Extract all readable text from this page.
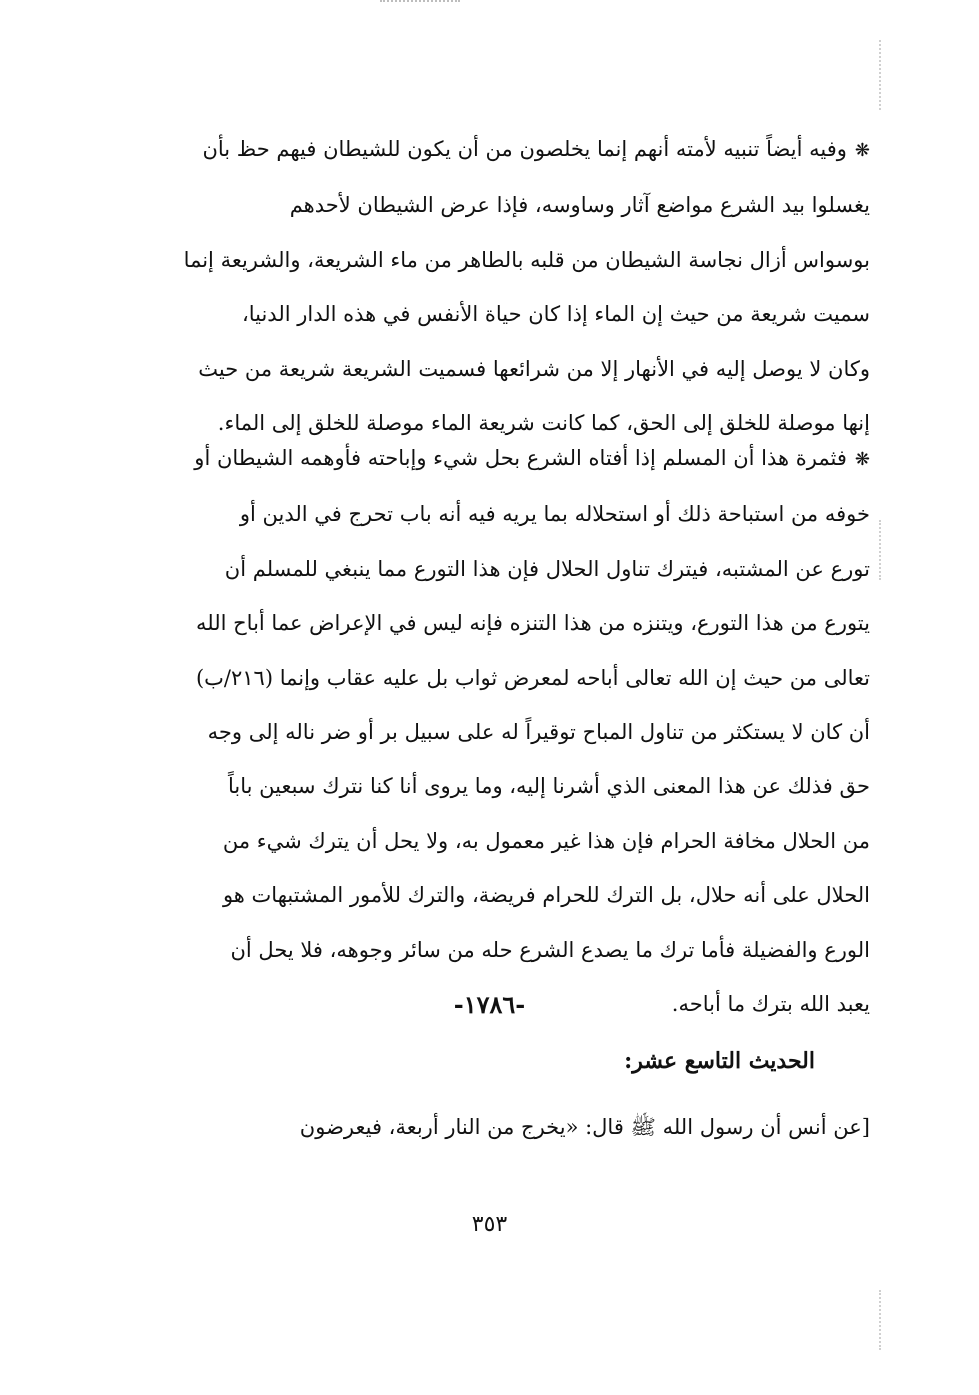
❋وفيه أيضاً تنبيه لأمته أنهم إنما يخلصون من أن يكون للشيطان فيهم حظ بأن
يغسلوا بيد الشرع مواضع آثار وساوسه، فإذا عرض الشيطان لأحدهم
بوسواس أزال نجاسة الشيطان من قلبه بالطاهر من ماء الشريعة، والشريعة إنما
سميت شريعة من حيث إن الماء إذا كان حياة الأنفس في هذه الدار الدنيا،
وكان لا يوصل إليه في الأنهار إلا من شرائعها فسميت الشريعة شريعة من حيث
إنها موصلة للخلق إلى الحق، كما كانت شريعة الماء موصلة للخلق إلى الماء.
❋فثمرة هذا أن المسلم إذا أفتاه الشرع بحل شيء وإباحته فأوهمه الشيطان أو
خوفه من استباحة ذلك أو استحلاله بما يريه فيه أنه باب تحرج في الدين أو
تورع عن المشتبه، فيترك تناول الحلال فإن هذا التورع مما ينبغي للمسلم أن
يتورع من هذا التورع، ويتنزه من هذا التنزه فإنه ليس في الإعراض عما أباح الله
تعالى من حيث إن الله تعالى أباحه لمعرض ثواب بل عليه عقاب وإنما (٢١٦/ب)
أن كان لا يستكثر من تناول المباح توقيراً له على سبيل بر أو ضر ناله إلى وجه
حق فذلك عن هذا المعنى الذي أشرنا إليه، وما يروى أنا كنا نترك سبعين باباً
من الحلال مخافة الحرام فإن هذا غير معمول به، ولا يحل أن يترك شيء من
الحلال على أنه حلال، بل الترك للحرام فريضة، والترك للأمور المشتبهات هو
الورع والفضيلة فأما ترك ما يصدع الشرع حله من سائر وجوهه، فلا يحل أن
يعبد الله بترك ما أباحه.
-١٧٨٦-
الحديث التاسع عشر:
[عن أنس أن رسول الله ﷺ قال: «يخرج من النار أربعة، فيعرضون
٣٥٣
